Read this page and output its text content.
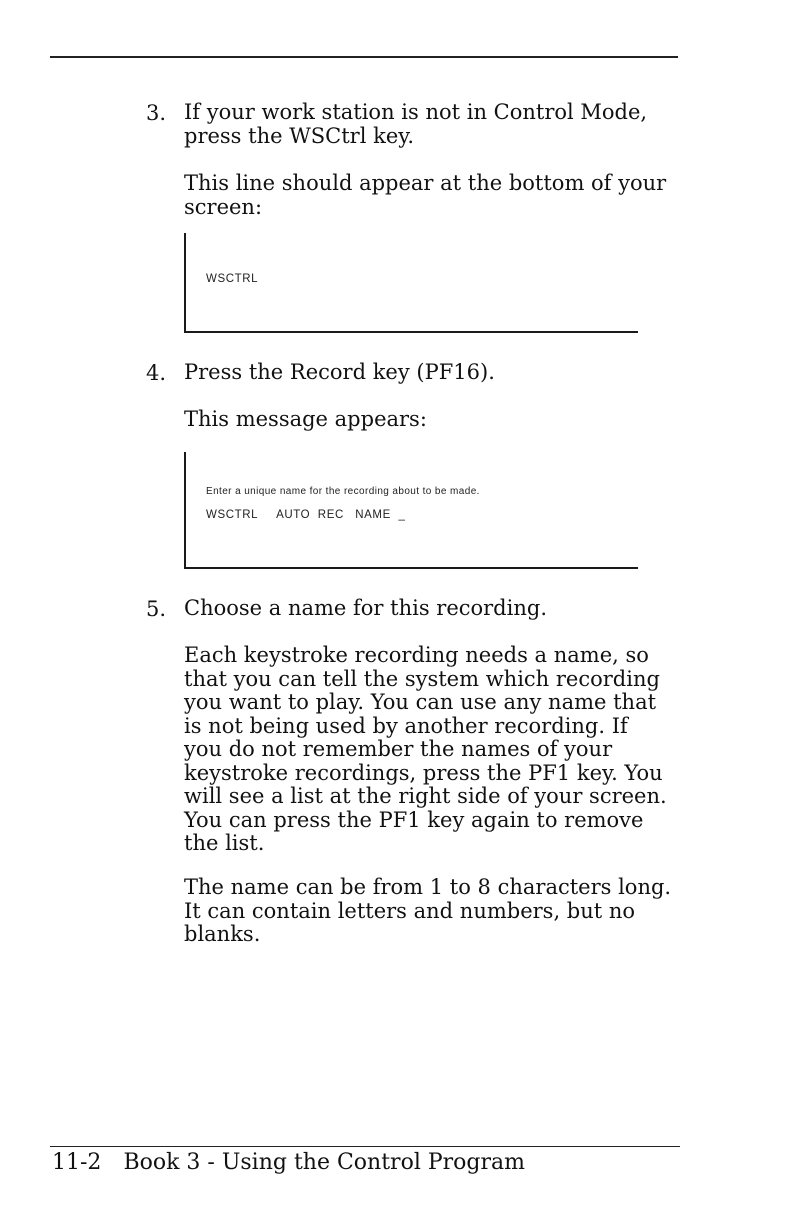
3. If your work station is not in Control Mode,
press the WSCtrl key.
This line should appear at the bottom of your
screen:
WSCTRL
4. Press the Record key (PF16).
This message appears:
Enter a unique name for the recording about to be made.
WSCTRL     AUTO  REC   NAME  _
5. Choose a name for this recording.
Each keystroke recording needs a name, so
that you can tell the system which recording
you want to play. You can use any name that
is not being used by another recording. If
you do not remember the names of your
keystroke recordings, press the PF1 key. You
will see a list at the right side of your screen.
You can press the PF1 key again to remove
the list.
The name can be from 1 to 8 characters long.
It can contain letters and numbers, but no
blanks.
11-2 Book 3 - Using the Control Program
